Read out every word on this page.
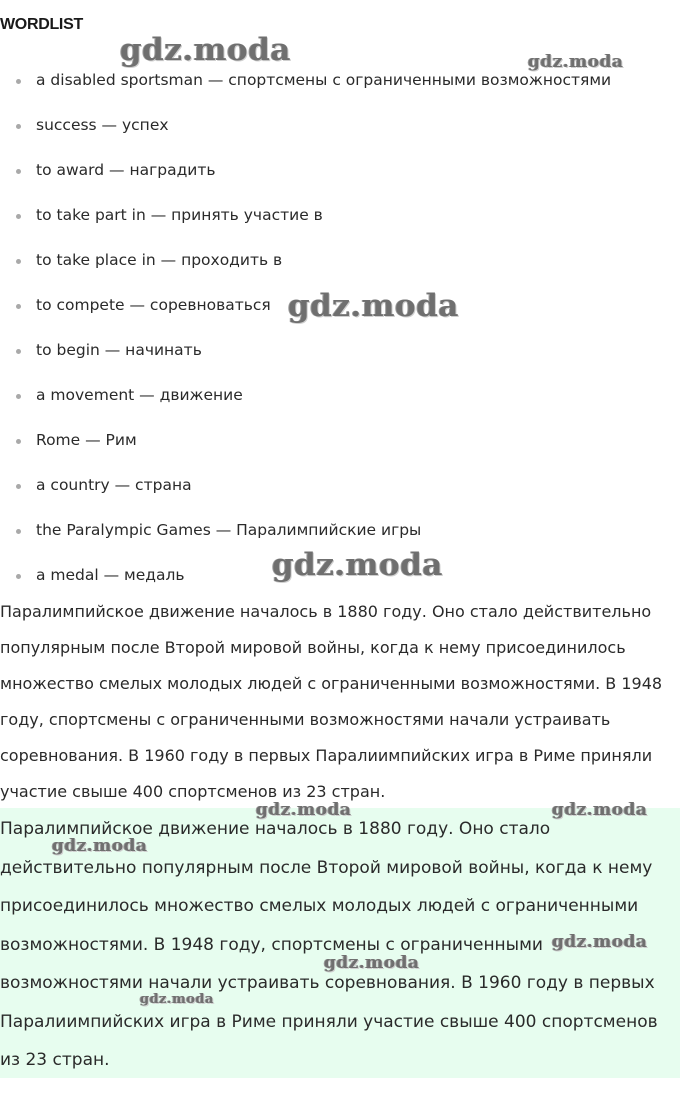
WORDLIST
a disabled sportsman — спортсмены с ограниченными возможностями
success — успех
to award — наградить
to take part in — принять участие в
to take place in — проходить в
to compete — соревноваться
to begin — начинать
a movement — движение
Rome — Рим
a country — страна
the Paralympic Games — Паралимпийские игры
a medal — медаль

Паралимпийское движение началось в 1880 году. Оно стало действительно популярным после Второй мировой войны, когда к нему присоединилось множество смелых молодых людей с ограниченными возможностями. В 1948 году, спортсмены с ограниченными возможностями начали устраивать соревнования. В 1960 году в первых Паралиимпийских игра в Риме приняли участие свыше 400 спортсменов из 23 стран.

Паралимпийское движение началось в 1880 году. Оно стало действительно популярным после Второй мировой войны, когда к нему присоединилось множество смелых молодых людей с ограниченными возможностями. В 1948 году, спортсмены с ограниченными возможностями начали устраивать соревнования. В 1960 году в первых Паралиимпийских игра в Риме приняли участие свыше 400 спортсменов из 23 стран.

gdz.moda	gdz.moda
gdz.moda
gdz.moda
gdz.moda	gdz.moda
gdz.moda
gdz.moda
gdz.moda
gdz.moda
